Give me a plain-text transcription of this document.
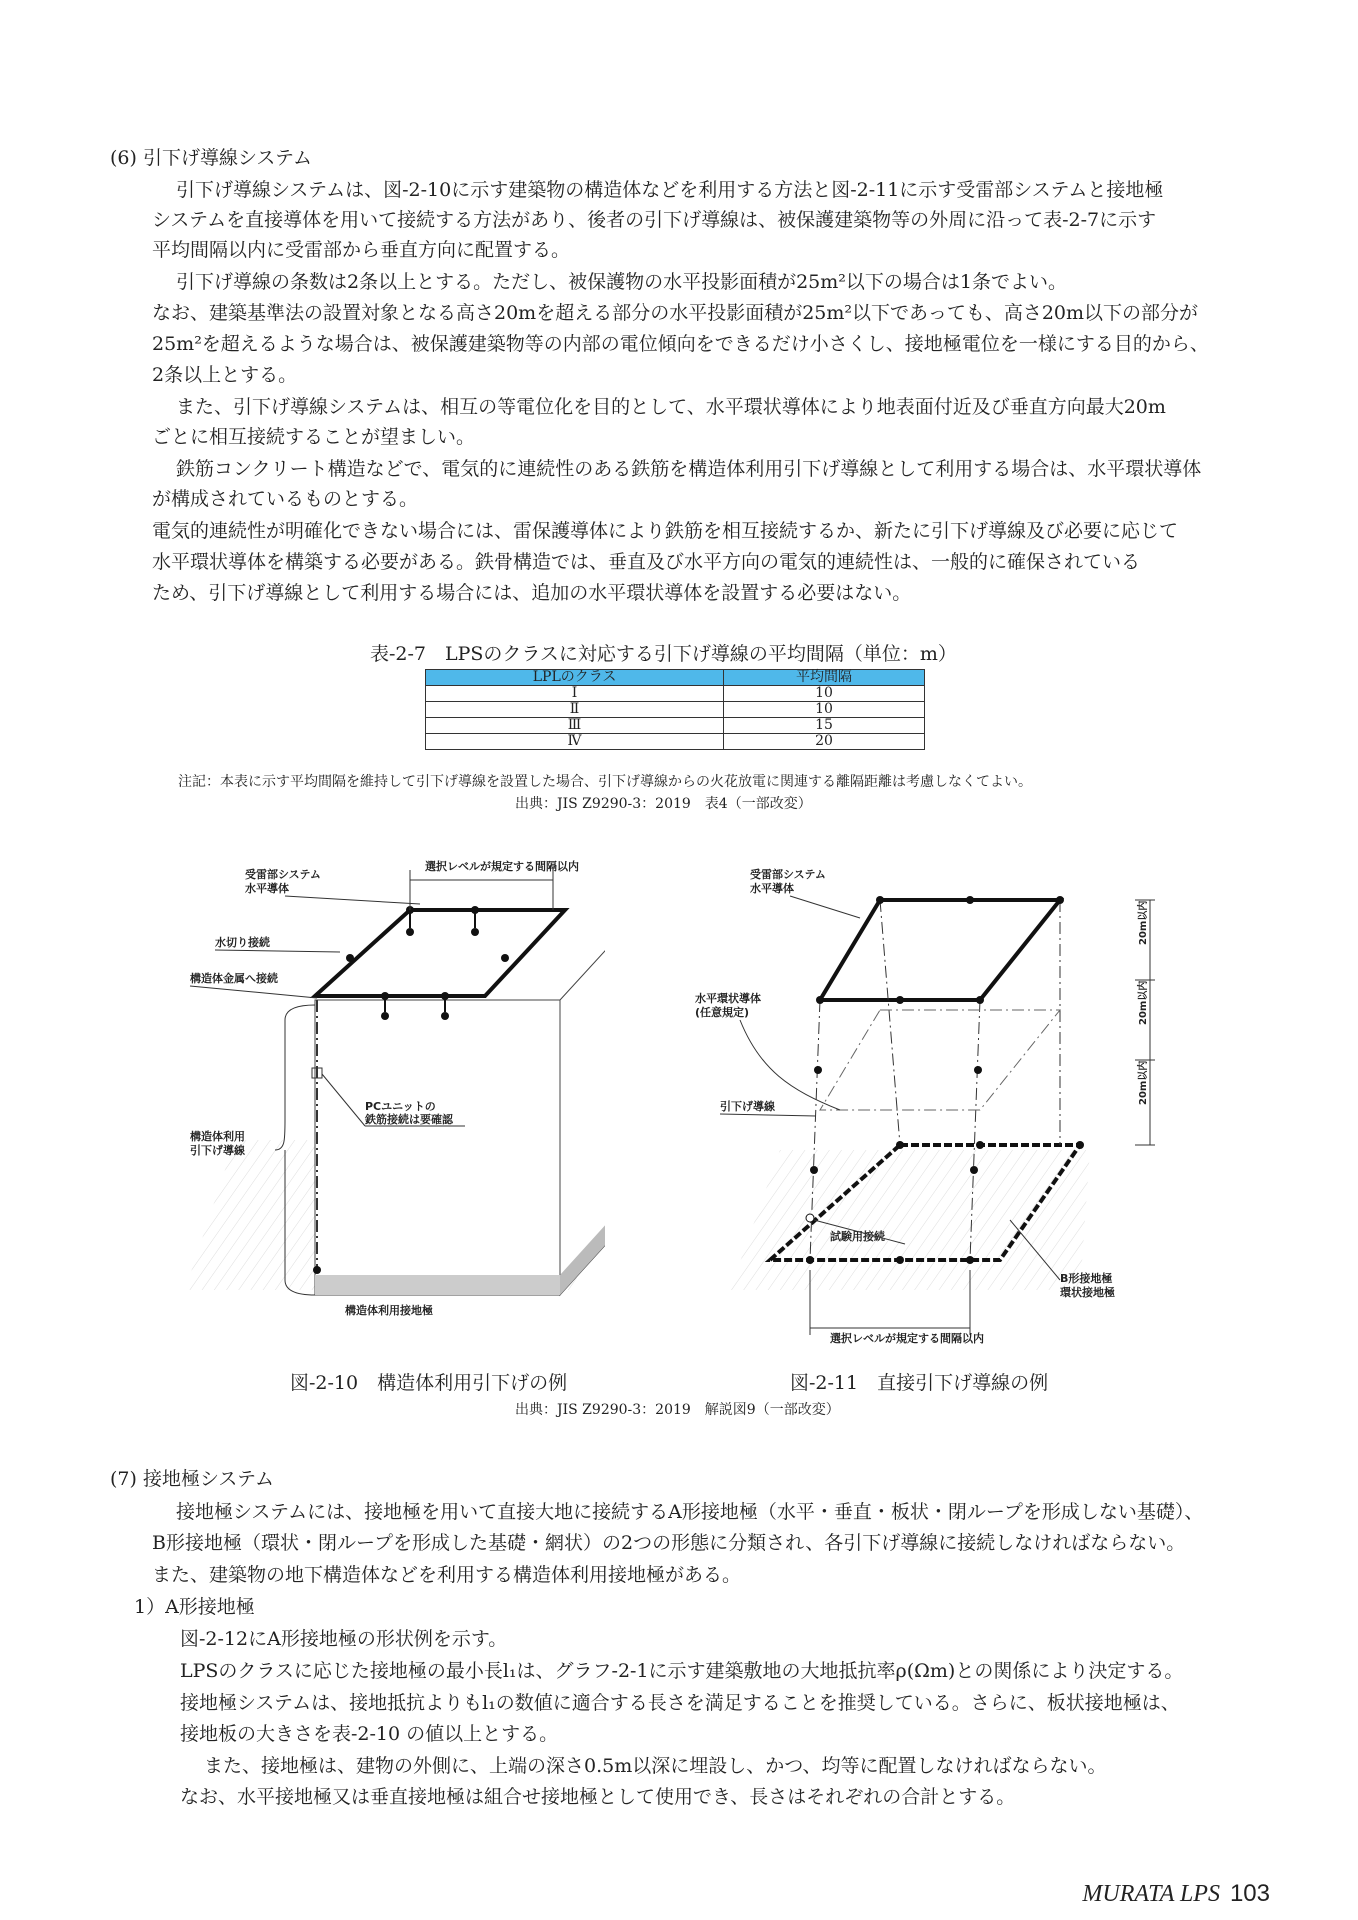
(6) 引下げ導線システム

引下げ導線システムは、図-2-10に示す建築物の構造体などを利用する方法と図-2-11に示す受雷部システムと接地極

システムを直接導体を用いて接続する方法があり、後者の引下げ導線は、被保護建築物等の外周に沿って表-2-7に示す

平均間隔以内に受雷部から垂直方向に配置する。

引下げ導線の条数は2条以上とする。ただし、被保護物の水平投影面積が25m²以下の場合は1条でよい。

なお、建築基準法の設置対象となる高さ20mを超える部分の水平投影面積が25m²以下であっても、高さ20m以下の部分が

25m²を超えるような場合は、被保護建築物等の内部の電位傾向をできるだけ小さくし、接地極電位を一様にする目的から、

2条以上とする。

また、引下げ導線システムは、相互の等電位化を目的として、水平環状導体により地表面付近及び垂直方向最大20m

ごとに相互接続することが望ましい。

鉄筋コンクリート構造などで、電気的に連続性のある鉄筋を構造体利用引下げ導線として利用する場合は、水平環状導体

が構成されているものとする。

電気的連続性が明確化できない場合には、雷保護導体により鉄筋を相互接続するか、新たに引下げ導線及び必要に応じて

水平環状導体を構築する必要がある。鉄骨構造では、垂直及び水平方向の電気的連続性は、一般的に確保されている

ため、引下げ導線として利用する場合には、追加の水平環状導体を設置する必要はない。

表-2-7　LPSのクラスに対応する引下げ導線の平均間隔（単位：m）

LPLのクラス	平均間隔
Ⅰ	10
Ⅱ	10
Ⅲ	15
Ⅳ	20

注記：本表に示す平均間隔を維持して引下げ導線を設置した場合、引下げ導線からの火花放電に関連する離隔距離は考慮しなくてよい。

出典：JIS Z9290-3：2019　表4（一部改変）

選択レベルが規定する間隔以内
受雷部システム
水平導体
水切り接続
構造体金属へ接続
PCユニットの
鉄筋接続は要確認
構造体利用
引下げ導線
構造体利用接地極
20m以内
20m以内
20m以内
選択レベルが規定する間隔以内
受雷部システム
水平導体
水平環状導体
(任意規定)
引下げ導線
試験用接続
B形接地極
環状接地極
図-2-10　構造体利用引下げの例	図-2-11　直接引下げ導線の例

出典：JIS Z9290-3：2019　解説図9（一部改変）

(7) 接地極システム

接地極システムには、接地極を用いて直接大地に接続するA形接地極（水平・垂直・板状・閉ループを形成しない基礎）、

B形接地極（環状・閉ループを形成した基礎・網状）の2つの形態に分類され、各引下げ導線に接続しなければならない。

また、建築物の地下構造体などを利用する構造体利用接地極がある。

1）A形接地極

図-2-12にA形接地極の形状例を示す。

LPSのクラスに応じた接地極の最小長l₁は、グラフ-2-1に示す建築敷地の大地抵抗率ρ(Ωm)との関係により決定する。

接地極システムは、接地抵抗よりもl₁の数値に適合する長さを満足することを推奨している。さらに、板状接地極は、

接地板の大きさを表-2-10 の値以上とする。

また、接地極は、建物の外側に、上端の深さ0.5m以深に埋設し、かつ、均等に配置しなければならない。

なお、水平接地極又は垂直接地極は組合せ接地極として使用でき、長さはそれぞれの合計とする。

MURATA LPS 103
